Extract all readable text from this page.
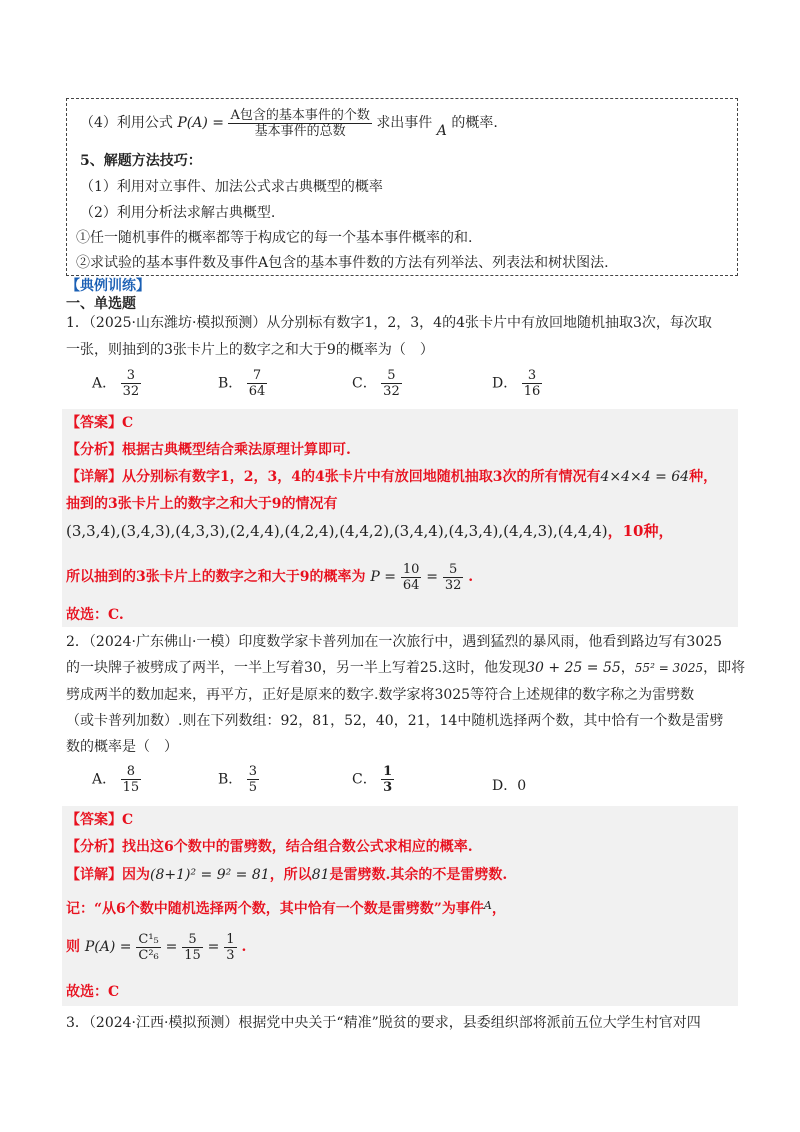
（4）利用公式 $P(A) = \frac{\text{A包含的基本事件的个数}}{\text{基本事件的总数}}$ 求出事件 A 的概率.
5、解题方法技巧：
（1）利用对立事件、加法公式求古典概型的概率
（2）利用分析法求解古典概型.
①任一随机事件的概率都等于构成它的每一个基本事件概率的和.
②求试验的基本事件数及事件A包含的基本事件数的方法有列举法、列表法和树状图法.
【典例训练】
一、单选题
1．（2025·山东潍坊·模拟预测）从分别标有数字1，2，3，4的4张卡片中有放回地随机抽取3次，每次取
一张，则抽到的3张卡片上的数字之和大于9的概率为（　）
A． $\frac{3}{32}$	B． $\frac{7}{64}$	C． $\frac{5}{32}$	D． $\frac{3}{16}$
【答案】C
【分析】根据古典概型结合乘法原理计算即可.
【详解】从分别标有数字1，2，3，4的4张卡片中有放回地随机抽取3次的所有情况有4×4×4 = 64种，
抽到的3张卡片上的数字之和大于9的情况有
(3,3,4),(3,4,3),(4,3,3),(2,4,4),(4,2,4),(4,4,2),(3,4,4),(4,3,4),(4,4,3),(4,4,4)，10种，
所以抽到的3张卡片上的数字之和大于9的概率为 $P = \frac{10}{64} = \frac{5}{32}$ .
故选：C.
2．（2024·广东佛山·一模）印度数学家卡普列加在一次旅行中，遇到猛烈的暴风雨，他看到路边写有3025
的一块牌子被劈成了两半，一半上写着30，另一半上写着25.这时，他发现30 + 25 = 55，55² = 3025，即将
劈成两半的数加起来，再平方，正好是原来的数字.数学家将3025等符合上述规律的数字称之为雷劈数
（或卡普列加数）.则在下列数组：92，81，52，40，21，14中随机选择两个数，其中恰有一个数是雷劈
数的概率是（　）
A． $\frac{8}{15}$	B． $\frac{3}{5}$	C． $\frac{1}{3}$	D．0
【答案】C
【分析】找出这6个数中的雷劈数，结合组合数公式求相应的概率.
【详解】因为(8+1)² = 9² = 81，所以81是雷劈数.其余的不是雷劈数.
记：“从6个数中随机选择两个数，其中恰有一个数是雷劈数”为事件$^A$，
则 $P(A) = \frac{\text{C¹₅}}{\text{C²₆}} = \frac{5}{15} = \frac{1}{3}$ .
故选：C
3．（2024·江西·模拟预测）根据党中央关于“精准”脱贫的要求，县委组织部将派前五位大学生村官对四
